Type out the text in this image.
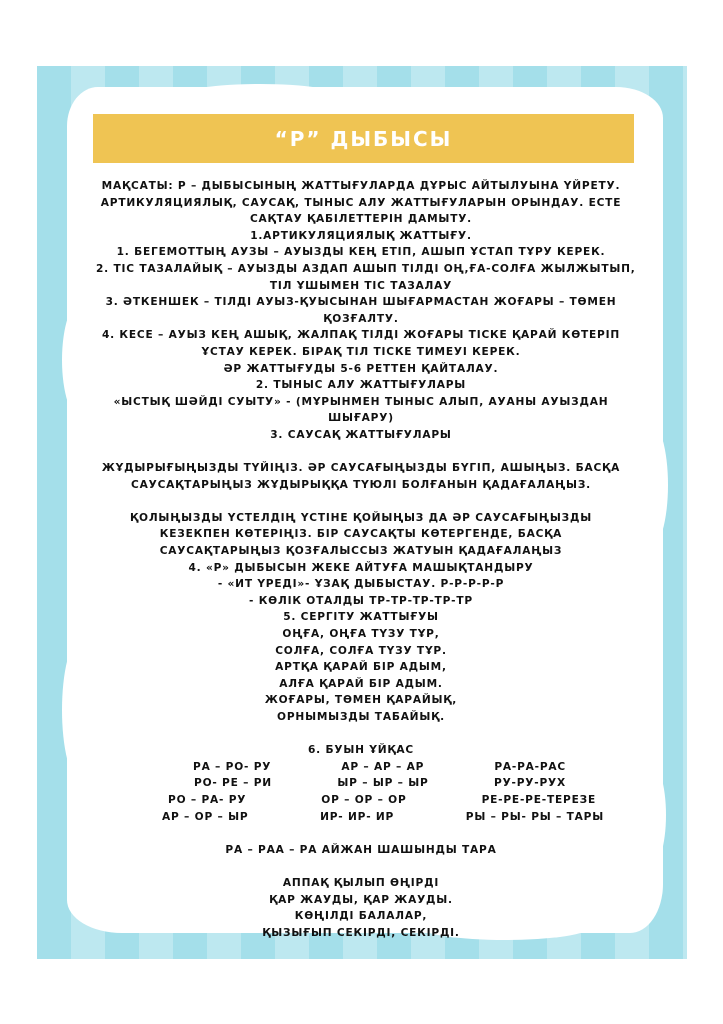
“Р” ДЫБЫСЫ
МАҚСАТЫ: Р – ДЫБЫСЫНЫҢ ЖАТТЫҒУЛАРДА ДҰРЫС АЙТЫЛУЫНА ҮЙРЕТУ.
АРТИКУЛЯЦИЯЛЫҚ, САУСАҚ, ТЫНЫС АЛУ ЖАТТЫҒУЛАРЫН ОРЫНДАУ. ЕСТЕ
САҚТАУ ҚАБІЛЕТТЕРІН ДАМЫТУ.
1.АРТИКУЛЯЦИЯЛЫҚ ЖАТТЫҒУ.
1. БЕГЕМОТТЫҢ АУЗЫ – АУЫЗДЫ КЕҢ ЕТІП, АШЫП ҰСТАП ТҰРУ КЕРЕК.
2. ТІС ТАЗАЛАЙЫҚ – АУЫЗДЫ АЗДАП АШЫП ТІЛДІ ОҢ,ҒА-СОЛҒА ЖЫЛЖЫТЫП,
ТІЛ ҰШЫМЕН ТІС ТАЗАЛАУ
3. ӘТКЕНШЕК – ТІЛДІ АУЫЗ-ҚУЫСЫНАН ШЫҒАРМАСТАН ЖОҒАРЫ – ТӨМЕН
ҚОЗҒАЛТУ.
4. КЕСЕ – АУЫЗ КЕҢ АШЫҚ, ЖАЛПАҚ ТІЛДІ ЖОҒАРЫ ТІСКЕ ҚАРАЙ КӨТЕРІП
ҰСТАУ КЕРЕК. БІРАҚ ТІЛ ТІСКЕ ТИМЕУІ КЕРЕК.
ӘР ЖАТТЫҒУДЫ 5-6 РЕТТЕН ҚАЙТАЛАУ.
2. ТЫНЫС АЛУ ЖАТТЫҒУЛАРЫ
«ЫСТЫҚ ШӘЙДІ СУЫТУ» - (МҰРЫНМЕН ТЫНЫС АЛЫП, АУАНЫ АУЫЗДАН
ШЫҒАРУ)
3. САУСАҚ ЖАТТЫҒУЛАРЫ
ЖҰДЫРЫҒЫҢЫЗДЫ ТҮЙІҢІЗ. ӘР САУСАҒЫҢЫЗДЫ БҮГІП, АШЫҢЫЗ. БАСҚА
САУСАҚТАРЫҢЫЗ ЖҰДЫРЫҚҚА ТҮЮЛІ БОЛҒАНЫН ҚАДАҒАЛАҢЫЗ.
ҚОЛЫҢЫЗДЫ ҮСТЕЛДІҢ ҮСТІНЕ ҚОЙЫҢЫЗ ДА ӘР САУСАҒЫҢЫЗДЫ
КЕЗЕКПЕН КӨТЕРІҢІЗ. БІР САУСАҚТЫ КӨТЕРГЕНДЕ, БАСҚА
САУСАҚТАРЫҢЫЗ ҚОЗҒАЛЫССЫЗ ЖАТУЫН ҚАДАҒАЛАҢЫЗ
4. «Р» ДЫБЫСЫН ЖЕКЕ АЙТУҒА МАШЫҚТАНДЫРУ
- «ИТ ҮРЕДІ»- ҰЗАҚ ДЫБЫСТАУ. Р-Р-Р-Р-Р
- КӨЛІК ОТАЛДЫ ТР-ТР-ТР-ТР-ТР
5. СЕРГІТУ ЖАТТЫҒУЫ
ОҢҒА, ОҢҒА ТҮЗУ ТҰР,
СОЛҒА, СОЛҒА ТҮЗУ ТҰР.
АРТҚА ҚАРАЙ БІР АДЫМ,
АЛҒА ҚАРАЙ БІР АДЫМ.
ЖОҒАРЫ, ТӨМЕН ҚАРАЙЫҚ,
ОРНЫМЫЗДЫ ТАБАЙЫҚ.
6. БУЫН ҰЙҚАС
РА – РО- РУ	АР – АР – АР	РА-РА-РАС
РО- РЕ – РИ	ЫР – ЫР – ЫР	РУ-РУ-РУХ
РО – РА- РУ	ОР – ОР – ОР	РЕ-РЕ-РЕ-ТЕРЕЗЕ
АР – ОР – ЫР	ИР- ИР- ИР	РЫ – РЫ- РЫ – ТАРЫ
РА – РАА – РА АЙЖАН ШАШЫНДЫ ТАРА
АППАҚ ҚЫЛЫП ӨҢІРДІ
ҚАР ЖАУДЫ, ҚАР ЖАУДЫ.
КӨҢІЛДІ БАЛАЛАР,
ҚЫЗЫҒЫП СЕКІРДІ, СЕКІРДІ.
